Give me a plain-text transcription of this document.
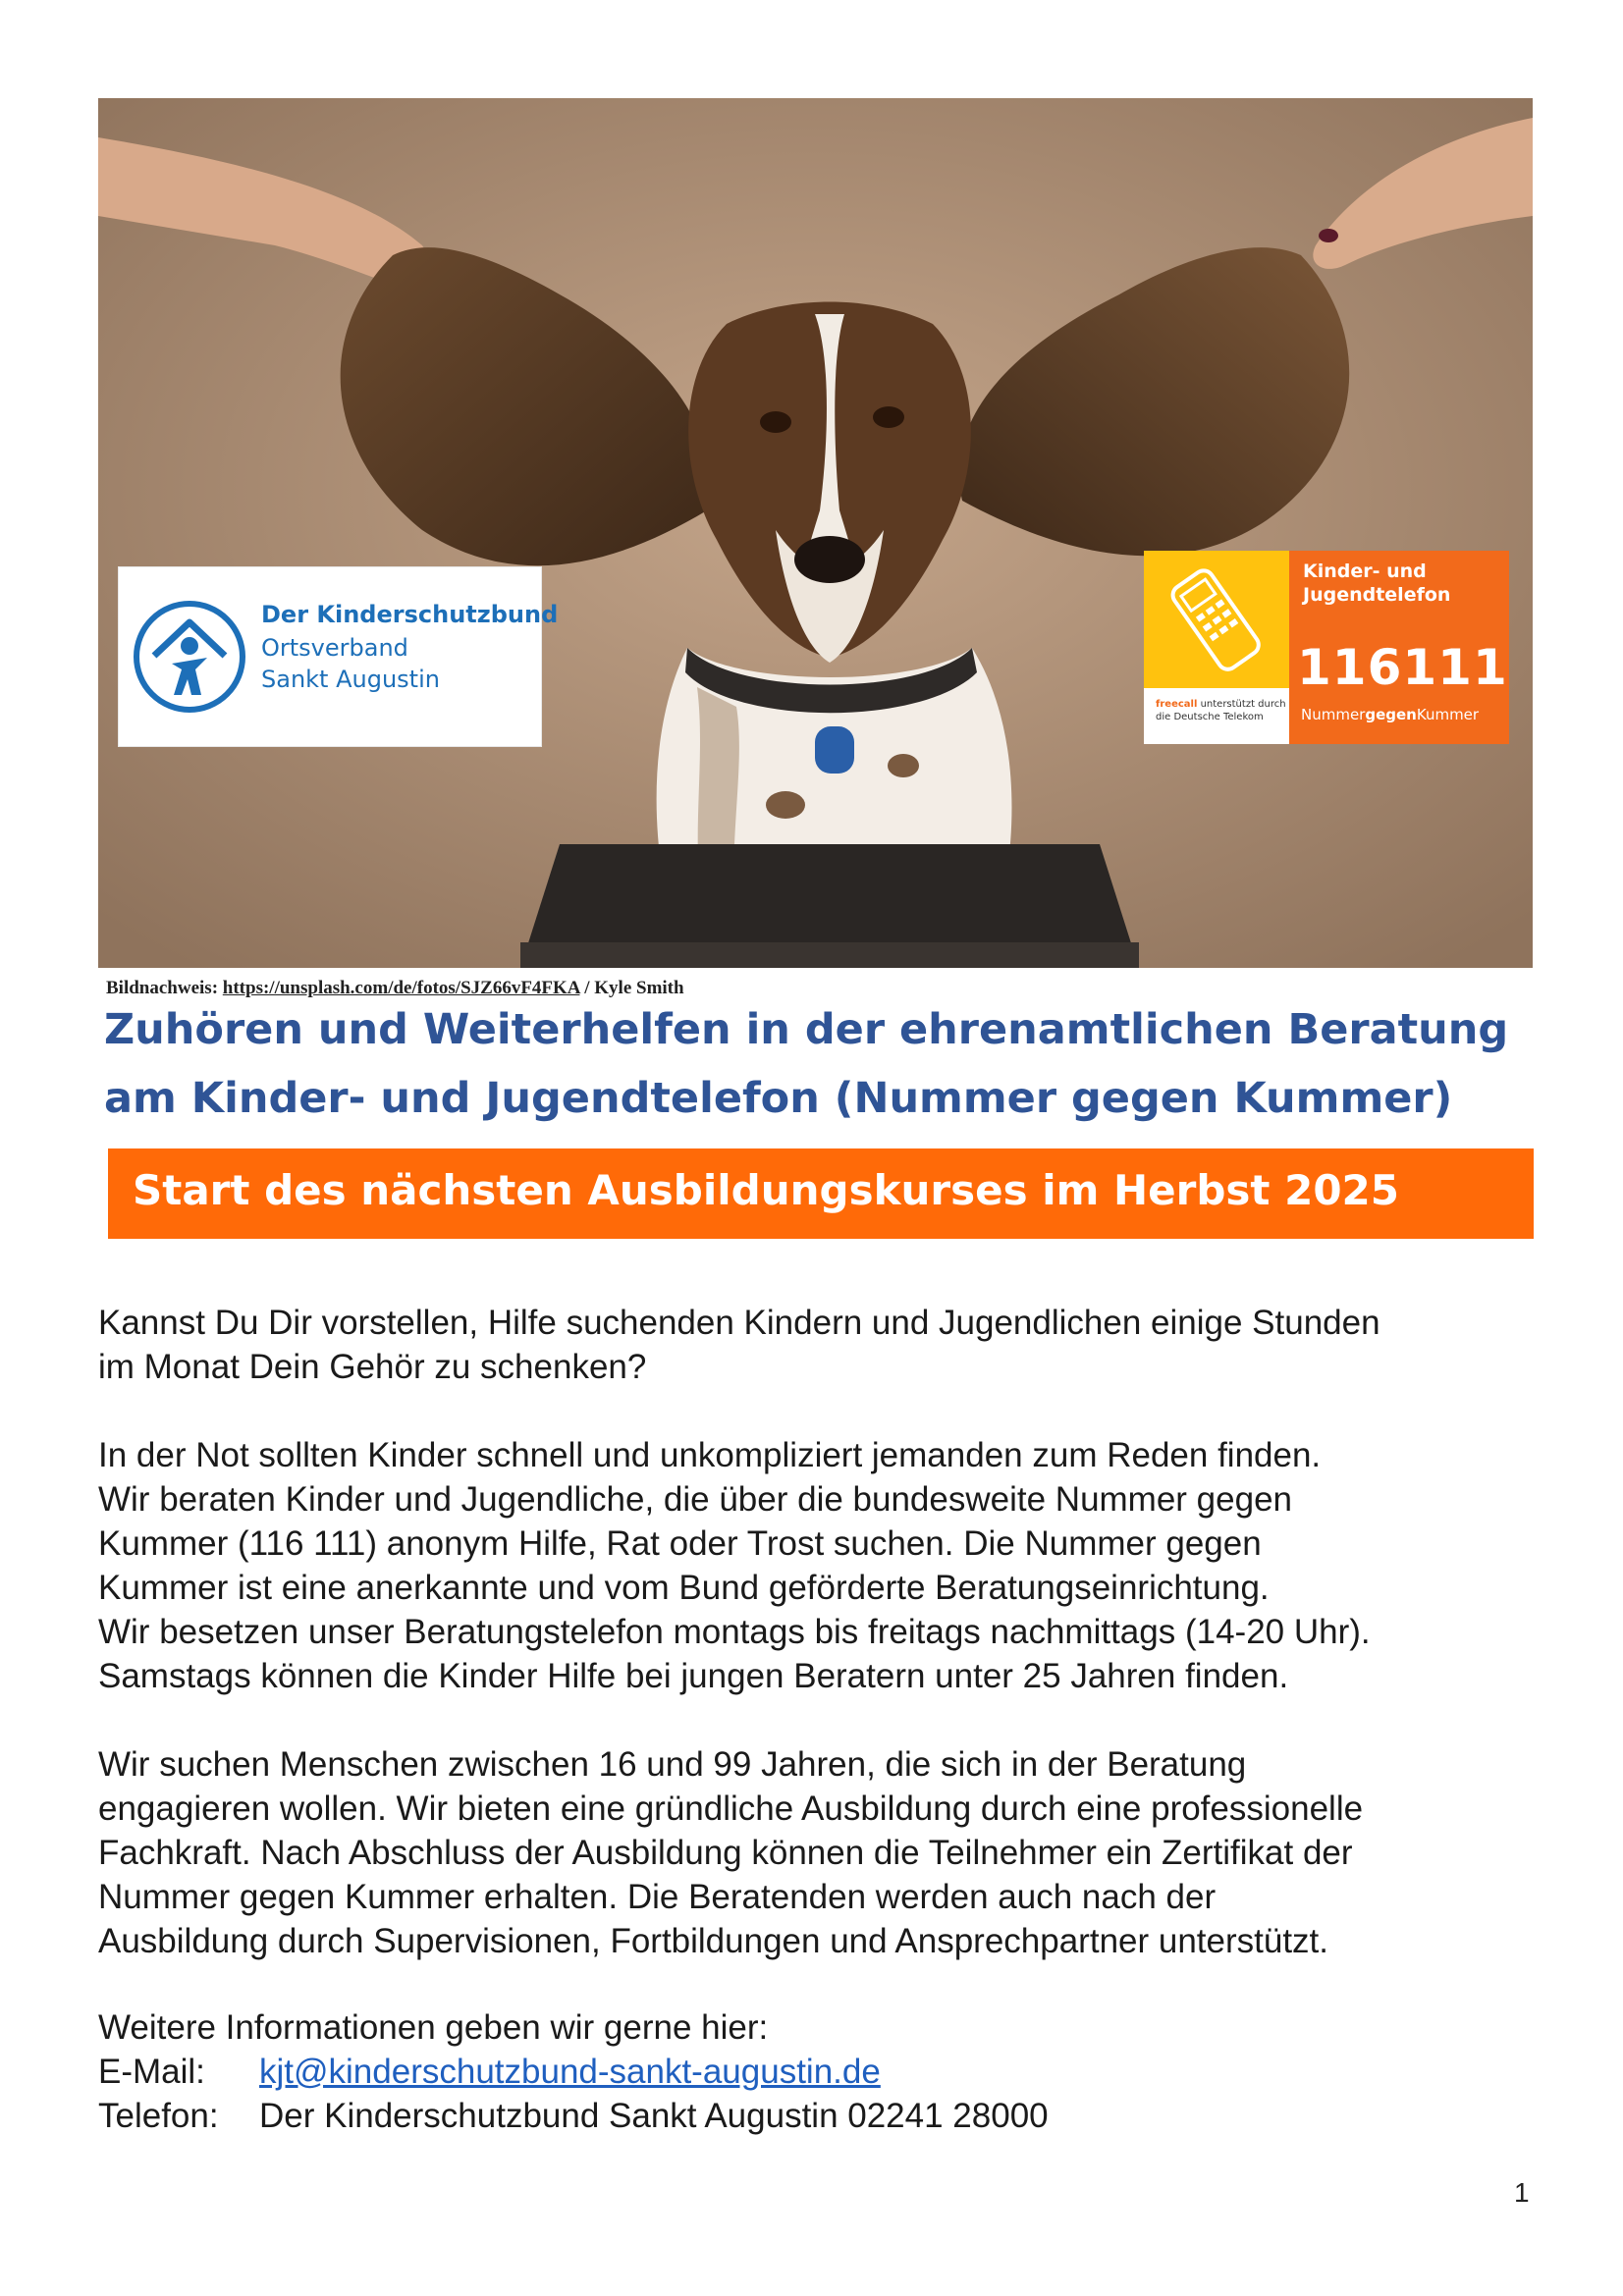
Der Kinderschutzbund
Ortsverband
Sankt Augustin
Kinder- und
Jugendtelefon
116111
NummergegenKummer
freecall unterstützt durch
die Deutsche Telekom
Bildnachweis: https://unsplash.com/de/fotos/SJZ66vF4FKA / Kyle Smith
Zuhören und Weiterhelfen in der ehrenamtlichen Beratung
am Kinder- und Jugendtelefon (Nummer gegen Kummer)
Start des nächsten Ausbildungskurses im Herbst 2025

Kannst Du Dir vorstellen, Hilfe suchenden Kindern und Jugendlichen einige Stunden

im Monat Dein Gehör zu schenken?

In der Not sollten Kinder schnell und unkompliziert jemanden zum Reden finden.

Wir beraten Kinder und Jugendliche, die über die bundesweite Nummer gegen

Kummer (116 111) anonym Hilfe, Rat oder Trost suchen. Die Nummer gegen

Kummer ist eine anerkannte und vom Bund geförderte Beratungseinrichtung.

Wir besetzen unser Beratungstelefon montags bis freitags nachmittags (14-20 Uhr).

Samstags können die Kinder Hilfe bei jungen Beratern unter 25 Jahren finden.

Wir suchen Menschen zwischen 16 und 99 Jahren, die sich in der Beratung

engagieren wollen. Wir bieten eine gründliche Ausbildung durch eine professionelle

Fachkraft. Nach Abschluss der Ausbildung können die Teilnehmer ein Zertifikat der

Nummer gegen Kummer erhalten. Die Beratenden werden auch nach der

Ausbildung durch Supervisionen, Fortbildungen und Ansprechpartner unterstützt.

Weitere Informationen geben wir gerne hier:
E-Mail: kjt@kinderschutzbund-sankt-augustin.de
Telefon: Der Kinderschutzbund Sankt Augustin 02241 28000
1
